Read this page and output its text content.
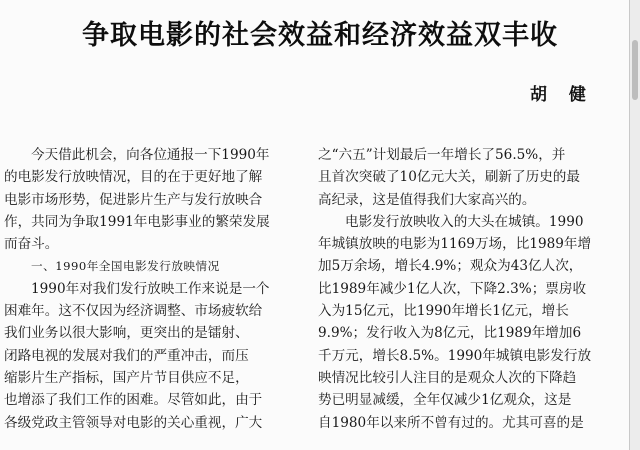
争取电影的社会效益和经济效益双丰收
胡 健
今天借此机会，向各位通报一下1990年
的电影发行放映情况，目的在于更好地了解
电影市场形势，促进影片生产与发行放映合
作，共同为争取1991年电影事业的繁荣发展
而奋斗。
一、1990年全国电影发行放映情况
1990年对我们发行放映工作来说是一个
困难年。这不仅因为经济调整、市场疲软给
我们业务以很大影响，更突出的是镭射、
闭路电视的发展对我们的严重冲击，而压
缩影片生产指标，国产片节目供应不足，
也增添了我们工作的困难。尽管如此，由于
各级党政主管领导对电影的关心重视，广大
之“六五”计划最后一年增长了56.5%，并
且首次突破了10亿元大关，刷新了历史的最
高纪录，这是值得我们大家高兴的。
电影发行放映收入的大头在城镇。1990
年城镇放映的电影为1169万场，比1989年增
加5万余场，增长4.9%；观众为43亿人次，
比1989年减少1亿人次，下降2.3%；票房收
入为15亿元，比1990年增长1亿元，增长
9.9%；发行收入为8亿元，比1989年增加6
千万元，增长8.5%。1990年城镇电影发行放
映情况比较引人注目的是观众人次的下降趋
势已明显减缓，全年仅减少1亿观众，这是
自1980年以来所不曾有过的。尤其可喜的是
